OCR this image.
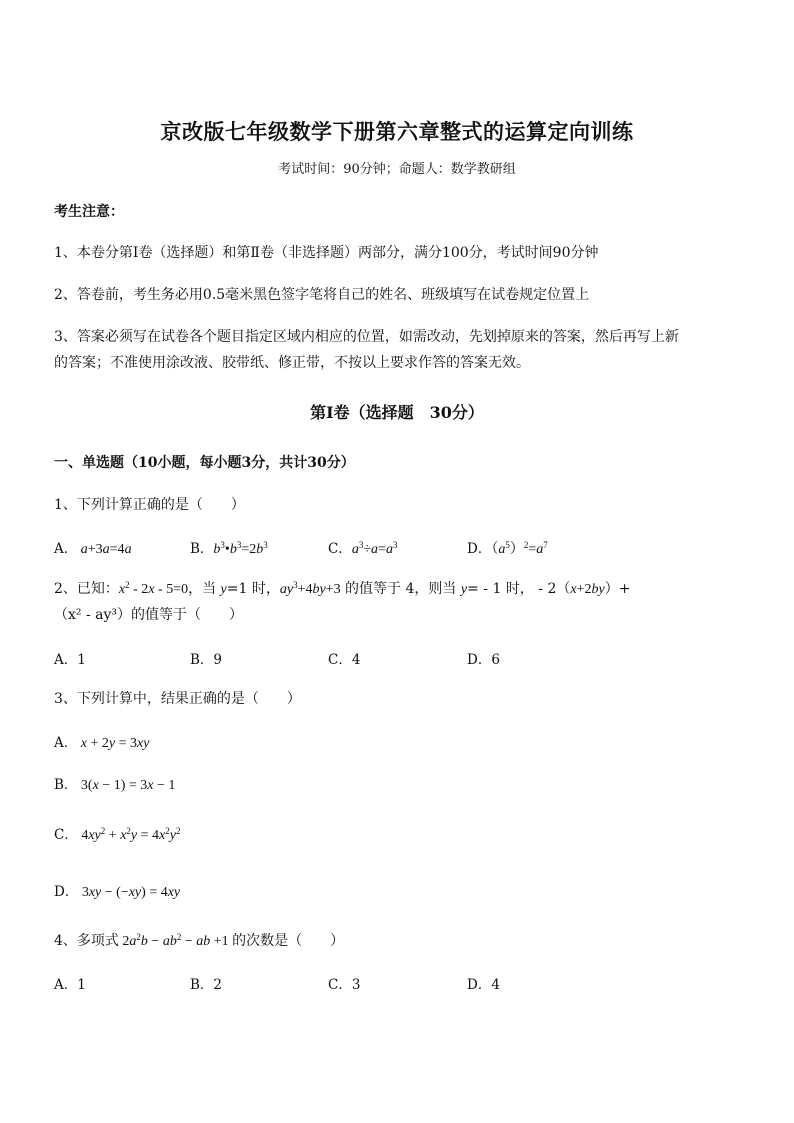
京改版七年级数学下册第六章整式的运算定向训练
考试时间：90分钟；命题人：数学教研组
考生注意：
1、本卷分第Ⅰ卷（选择题）和第Ⅱ卷（非选择题）两部分，满分100分，考试时间90分钟
2、答卷前，考生务必用0.5毫米黑色签字笔将自己的姓名、班级填写在试卷规定位置上
3、答案必须写在试卷各个题目指定区域内相应的位置，如需改动，先划掉原来的答案，然后再写上新
的答案；不准使用涂改液、胶带纸、修正带，不按以上要求作答的答案无效。
第Ⅰ卷（选择题　30分）
一、单选题（10小题，每小题3分，共计30分）
1、下列计算正确的是（　　）
A． a+3a=4a	B．$b^3•b^3=2b^3$	C．$a^3\div a=a^3$	D．$(a^5)^2=a^7$
2、已知：$x^2 - 2x - 5=0$，当 y=1 时，$ay^3+4by+3$ 的值等于 4，则当 y= - 1 时， - 2（x+2by）+
（x² - ay³）的值等于（　　）
A．1	B．9	C．4	D．6
3、下列计算中，结果正确的是（　　）
A． x + 2y = 3xy
B． 3(x − 1) = 3x − 1
C． $4xy^2 + x^2y = 4x^2y^2$
D． 3xy − (−xy) = 4xy
4、多项式 $2a^2b - ab^2$ − ab +1 的次数是（　　）
A．1	B．2	C．3	D．4
